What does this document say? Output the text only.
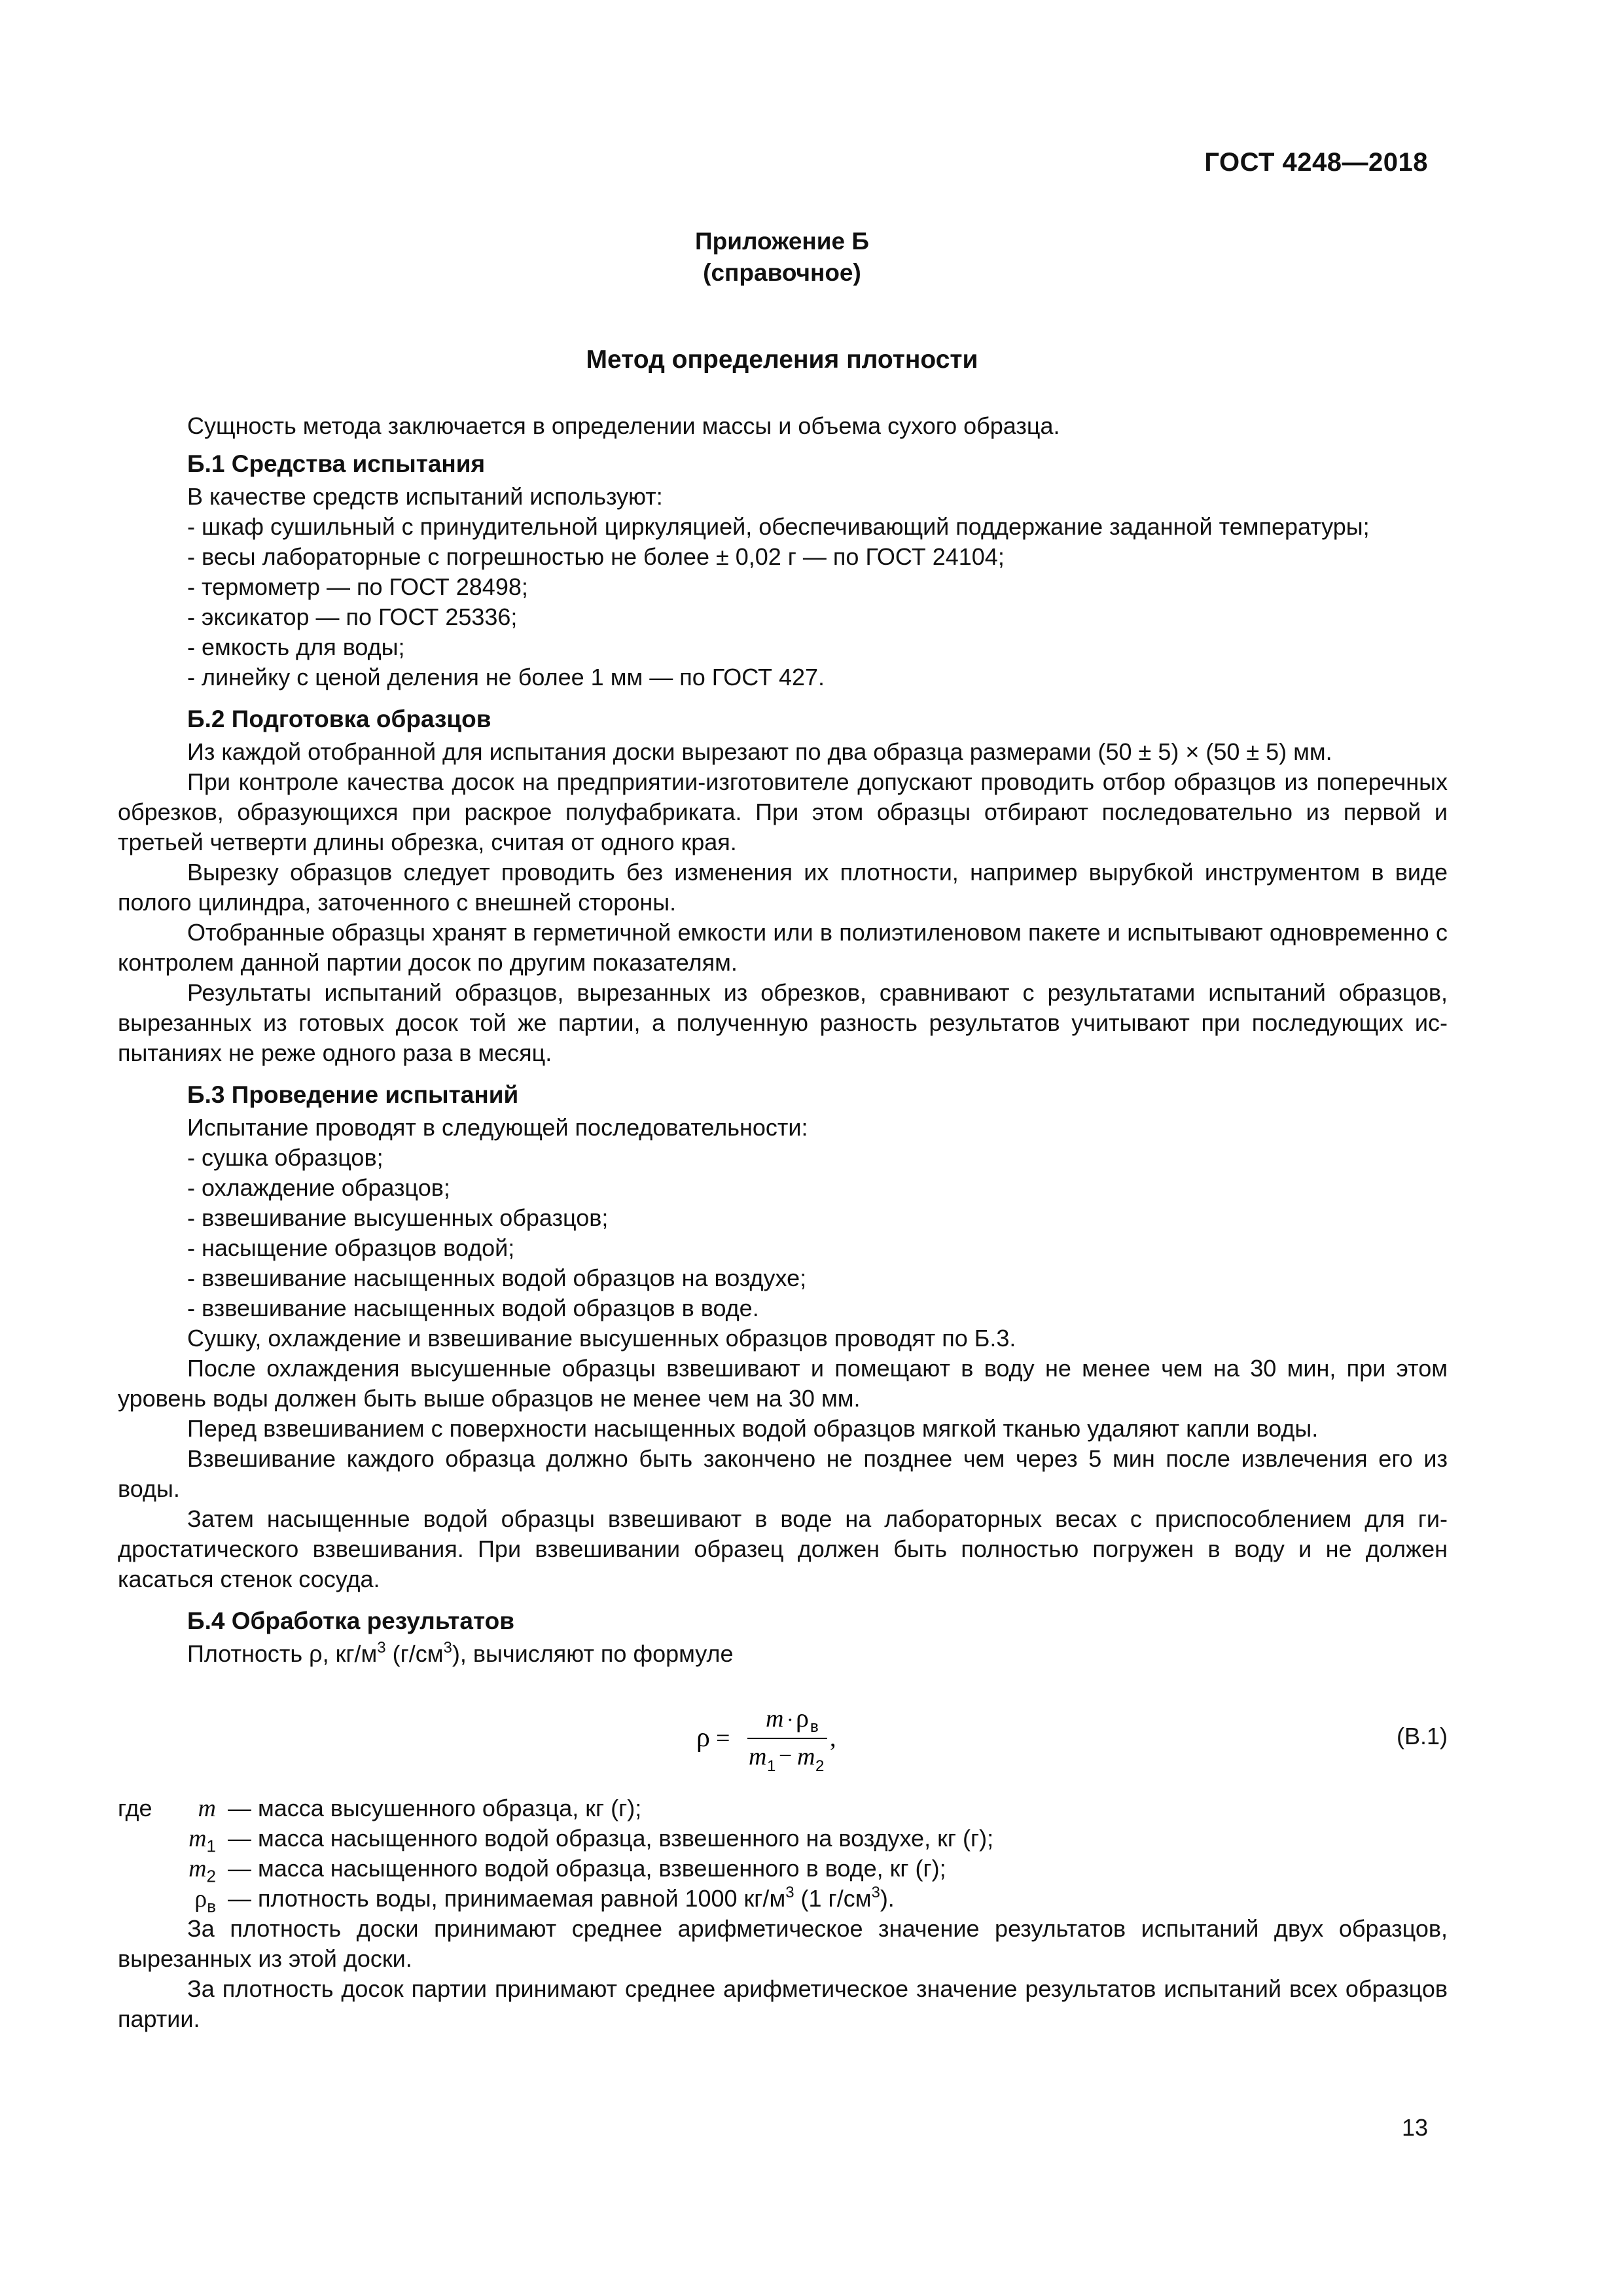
ГОСТ 4248—2018
Приложение Б
(справочное)
Метод определения плотности

Сущность метода заключается в определении массы и объема сухого образца.

Б.1 Средства испытания

В качестве средств испытаний используют:

- шкаф сушильный с принудительной циркуляцией, обеспечивающий поддержание заданной температуры;
- весы лабораторные с погрешностью не более ± 0,02 г — по ГОСТ 24104;
- термометр — по ГОСТ 28498;
- эксикатор — по ГОСТ 25336;
- емкость для воды;
- линейку с ценой деления не более 1 мм — по ГОСТ 427.
Б.2 Подготовка образцов

Из каждой отобранной для испытания доски вырезают по два образца размерами (50 ± 5) × (50 ± 5) мм.

При контроле качества досок на предприятии-изготовителе допускают проводить отбор образцов из поперечных обрезков, образующихся при раскрое полуфабриката. При этом образцы отбирают последовательно из первой и третьей четверти длины обрезка, считая от одного края.

Вырезку образцов следует проводить без изменения их плотности, например вырубкой инструментом в виде полого цилиндра, заточенного с внешней стороны.

Отобранные образцы хранят в герметичной емкости или в полиэтиленовом пакете и испытывают одновременно с контролем данной партии досок по другим показателям.

Результаты испытаний образцов, вырезанных из обрезков, сравнивают с результатами испытаний образцов, вырезанных из готовых досок той же партии, а полученную разность результатов учитывают при последующих испытаниях не реже одного раза в месяц.

Б.3 Проведение испытаний

Испытание проводят в следующей последовательности:

- сушка образцов;
- охлаждение образцов;
- взвешивание высушенных образцов;
- насыщение образцов водой;
- взвешивание насыщенных водой образцов на воздухе;
- взвешивание насыщенных водой образцов в воде.

Сушку, охлаждение и взвешивание высушенных образцов проводят по Б.3.

После охлаждения высушенные образцы взвешивают и помещают в воду не менее чем на 30 мин, при этом уровень воды должен быть выше образцов не менее чем на 30 мм.

Перед взвешиванием с поверхности насыщенных водой образцов мягкой тканью удаляют капли воды.

Взвешивание каждого образца должно быть закончено не позднее чем через 5 мин после извлечения его из воды.

Затем насыщенные водой образцы взвешивают в воде на лабораторных весах с приспособлением для гидростатического взвешивания. При взвешивании образец должен быть полностью погружен в воду и не должен касаться стенок сосуда.

Б.4 Обработка результатов

Плотность ρ, $кг/м^3$ $(г/см^3)$, вычисляют по формуле

ρ =
m · ρ в
m 1 − m 2
,	(В.1)
где	m — масса высушенного образца, кг (г);
$m_1$ — масса насыщенного водой образца, взвешенного на воздухе, кг (г);
$m_2$ — масса насыщенного водой образца, взвешенного в воде, кг (г);
$\rho_в$ — плотность воды, принимаемая равной 1000 $кг/м^3$ (1 $г/см^3$).

За плотность доски принимают среднее арифметическое значение результатов испытаний двух образцов, вырезанных из этой доски.

За плотность досок партии принимают среднее арифметическое значение результатов испытаний всех образцов партии.

13
